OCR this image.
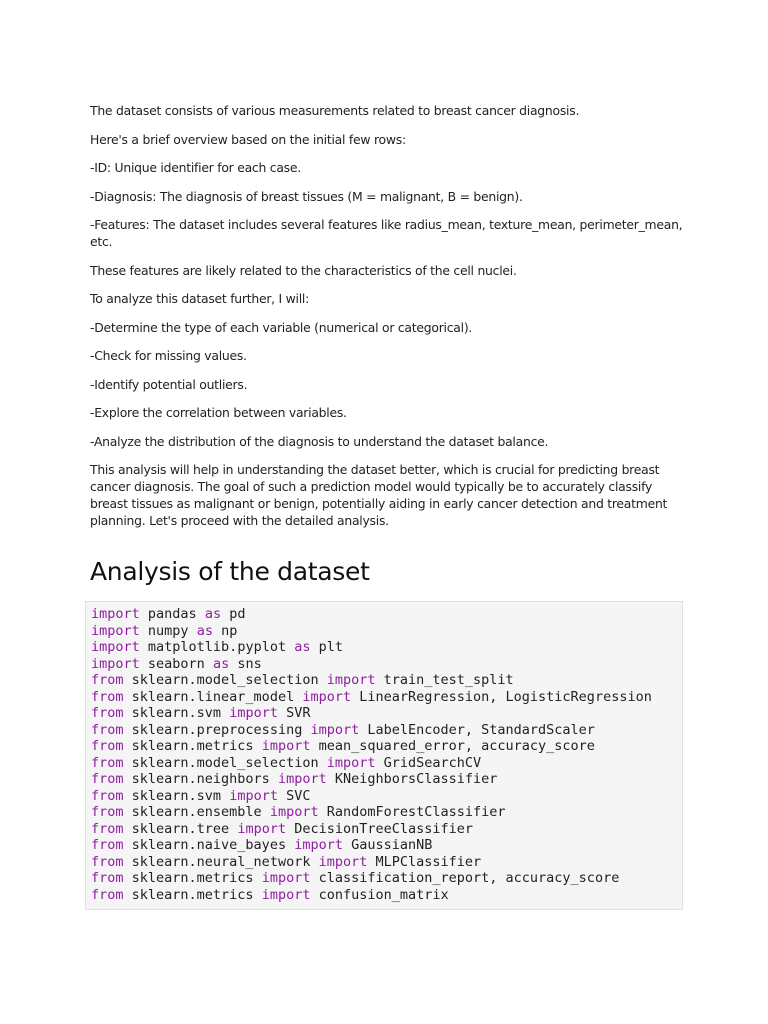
The dataset consists of various measurements related to breast cancer diagnosis.

Here's a brief overview based on the initial few rows:

-ID: Unique identifier for each case.

-Diagnosis: The diagnosis of breast tissues (M = malignant, B = benign).

-Features: The dataset includes several features like radius_mean, texture_mean, perimeter_mean, etc.

These features are likely related to the characteristics of the cell nuclei.

To analyze this dataset further, I will:

-Determine the type of each variable (numerical or categorical).

-Check for missing values.

-Identify potential outliers.

-Explore the correlation between variables.

-Analyze the distribution of the diagnosis to understand the dataset balance.

This analysis will help in understanding the dataset better, which is crucial for predicting breast cancer diagnosis. The goal of such a prediction model would typically be to accurately classify breast tissues as malignant or benign, potentially aiding in early cancer detection and treatment planning. Let's proceed with the detailed analysis.

Analysis of the dataset
import pandas as pd
import numpy as np
import matplotlib.pyplot as plt
import seaborn as sns
from sklearn.model_selection import train_test_split
from sklearn.linear_model import LinearRegression, LogisticRegression
from sklearn.svm import SVR
from sklearn.preprocessing import LabelEncoder, StandardScaler
from sklearn.metrics import mean_squared_error, accuracy_score
from sklearn.model_selection import GridSearchCV
from sklearn.neighbors import KNeighborsClassifier
from sklearn.svm import SVC
from sklearn.ensemble import RandomForestClassifier
from sklearn.tree import DecisionTreeClassifier
from sklearn.naive_bayes import GaussianNB
from sklearn.neural_network import MLPClassifier
from sklearn.metrics import classification_report, accuracy_score
from sklearn.metrics import confusion_matrix
